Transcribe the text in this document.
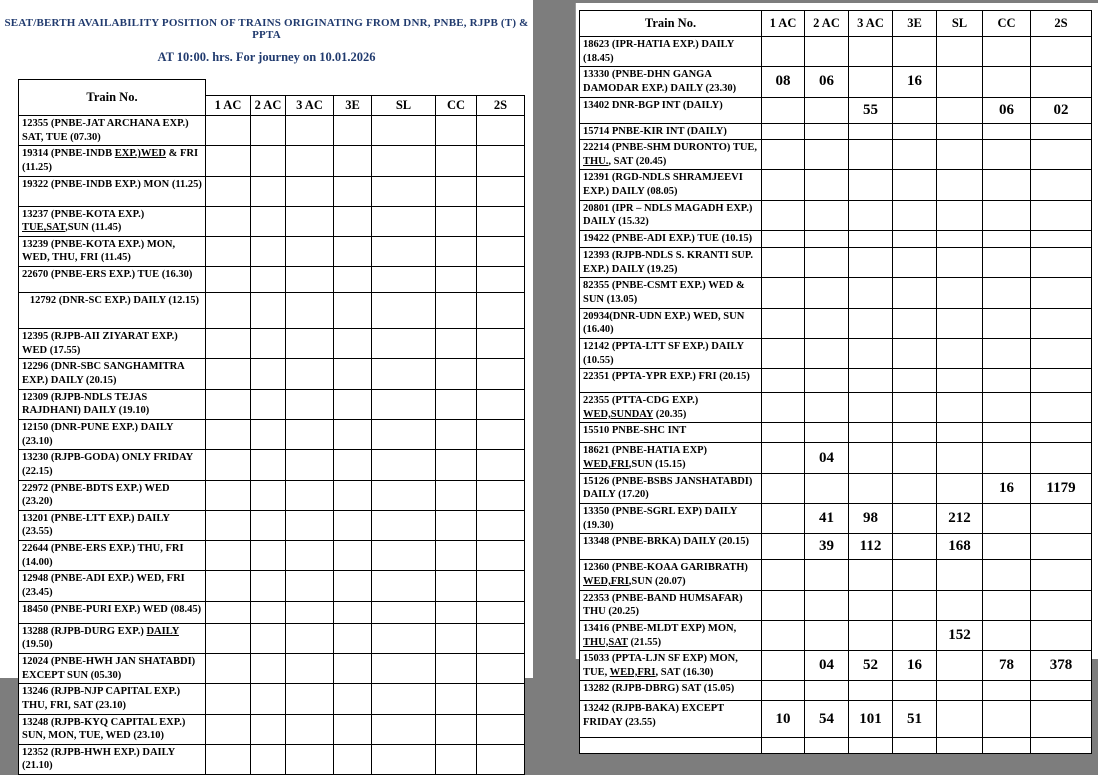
SEAT/BERTH AVAILABILITY POSITION OF TRAINS ORIGINATING FROM DNR, PNBE, RJPB (T) & PPTA
AT 10:00. hrs. For journey on 10.01.2026
Train No.							
	1 AC	2 AC	3 AC	3E	SL	CC	2S
12355 (PNBE-JAT ARCHANA EXP.) SAT, TUE (07.30)							
19314 (PNBE-INDB EXP.)WED & FRI (11.25)							
19322 (PNBE-INDB EXP.) MON (11.25)							
13237 (PNBE-KOTA EXP.) TUE,SAT,SUN (11.45)							
13239 (PNBE-KOTA EXP.) MON, WED, THU, FRI (11.45)							
22670 (PNBE-ERS EXP.) TUE (16.30)							
12792 (DNR-SC EXP.) DAILY (12.15)							
12395 (RJPB-AII ZIYARAT EXP.) WED (17.55)							
12296 (DNR-SBC SANGHAMITRA EXP.) DAILY (20.15)							
12309 (RJPB-NDLS TEJAS RAJDHANI) DAILY (19.10)							
12150 (DNR-PUNE EXP.) DAILY (23.10)							
13230 (RJPB-GODA) ONLY FRIDAY (22.15)							
22972 (PNBE-BDTS EXP.) WED (23.20)							
13201 (PNBE-LTT EXP.) DAILY (23.55)							
22644 (PNBE-ERS EXP.) THU, FRI (14.00)							
12948 (PNBE-ADI EXP.) WED, FRI (23.45)							
18450 (PNBE-PURI EXP.) WED (08.45)							
13288 (RJPB-DURG EXP.) DAILY (19.50)							
12024 (PNBE-HWH JAN SHATABDI) EXCEPT SUN (05.30)							
13246 (RJPB-NJP CAPITAL EXP.) THU, FRI, SAT (23.10)							
13248 (RJPB-KYQ CAPITAL EXP.) SUN, MON, TUE, WED (23.10)							
12352 (RJPB-HWH EXP.) DAILY (21.10)							
Train No.	1 AC	2 AC	3 AC	3E	SL	CC	2S
18623 (IPR-HATIA EXP.) DAILY (18.45)							
13330 (PNBE-DHN GANGA DAMODAR EXP.) DAILY (23.30)	08	06		16			
13402 DNR-BGP INT (DAILY)			55			06	02
15714 PNBE-KIR INT (DAILY)							
22214 (PNBE-SHM DURONTO) TUE, THU., SAT (20.45)							
12391 (RGD-NDLS SHRAMJEEVI EXP.) DAILY (08.05)							
20801 (IPR – NDLS MAGADH EXP.) DAILY (15.32)							
19422 (PNBE-ADI EXP.) TUE (10.15)							
12393 (RJPB-NDLS S. KRANTI SUP. EXP.) DAILY (19.25)							
82355 (PNBE-CSMT EXP.) WED & SUN (13.05)							
20934(DNR-UDN EXP.) WED, SUN (16.40)							
12142 (PPTA-LTT SF EXP.) DAILY (10.55)							
22351 (PPTA-YPR EXP.) FRI (20.15)							
22355 (PTTA-CDG EXP.) WED,SUNDAY (20.35)							
15510 PNBE-SHC INT							
18621 (PNBE-HATIA EXP) WED,FRI,SUN (15.15)		04					
15126 (PNBE-BSBS JANSHATABDI) DAILY (17.20)						16	1179
13350 (PNBE-SGRL EXP) DAILY (19.30)		41	98		212		
13348 (PNBE-BRKA) DAILY (20.15)		39	112		168		
12360 (PNBE-KOAA GARIBRATH) WED,FRI,SUN (20.07)							
22353 (PNBE-BAND HUMSAFAR) THU (20.25)							
13416 (PNBE-MLDT EXP) MON, THU,SAT (21.55)					152		
15033 (PPTA-LJN SF EXP) MON, TUE, WED,FRI, SAT (16.30)		04	52	16		78	378
13282 (RJPB-DBRG) SAT (15.05)							
13242 (RJPB-BAKA) EXCEPT FRIDAY (23.55)	10	54	101	51			
